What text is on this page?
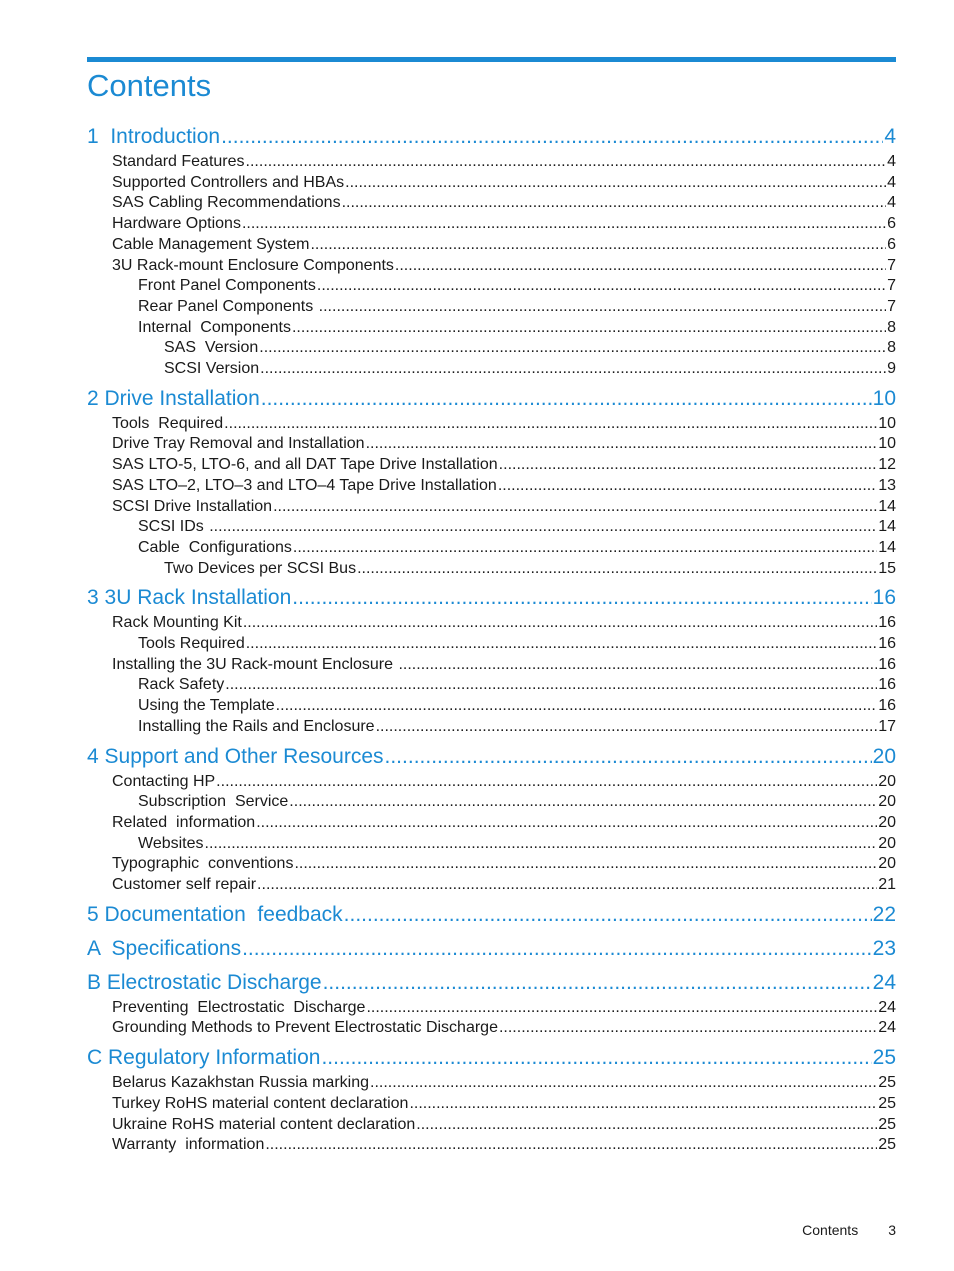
Contents
1  Introduction .....	4
Standard Features .....	4
Supported Controllers and HBAs .....	4
SAS Cabling Recommendations .....	4
Hardware Options .....	6
Cable Management System .....	6
3U Rack-mount Enclosure Components .....	7
Front Panel Components .....	7
Rear Panel Components .....	7
Internal  Components .....	8
SAS  Version .....	8
SCSI Version .....	9
2 Drive Installation .....	10
Tools  Required .....	10
Drive Tray Removal and Installation .....	10
SAS LTO-5, LTO-6, and all DAT Tape Drive Installation .....	12
SAS LTO–2, LTO–3 and LTO–4 Tape Drive Installation .....	13
SCSI Drive Installation .....	14
SCSI IDs .....	14
Cable  Configurations .....	14
Two Devices per SCSI Bus .....	15
3 3U Rack Installation .....	16
Rack Mounting Kit .....	16
Tools Required .....	16
Installing the 3U Rack-mount Enclosure .....	16
Rack Safety .....	16
Using the Template .....	16
Installing the Rails and Enclosure .....	17
4 Support and Other Resources .....	20
Contacting HP .....	20
Subscription  Service .....	20
Related  information .....	20
Websites .....	20
Typographic  conventions .....	20
Customer self repair .....	21
5 Documentation  feedback .....	22
A  Specifications .....	23
B Electrostatic Discharge .....	24
Preventing  Electrostatic  Discharge .....	24
Grounding Methods to Prevent Electrostatic Discharge .....	24
C Regulatory Information .....	25
Belarus Kazakhstan Russia marking .....	25
Turkey RoHS material content declaration .....	25
Ukraine RoHS material content declaration .....	25
Warranty  information .....	25
Contents 3
